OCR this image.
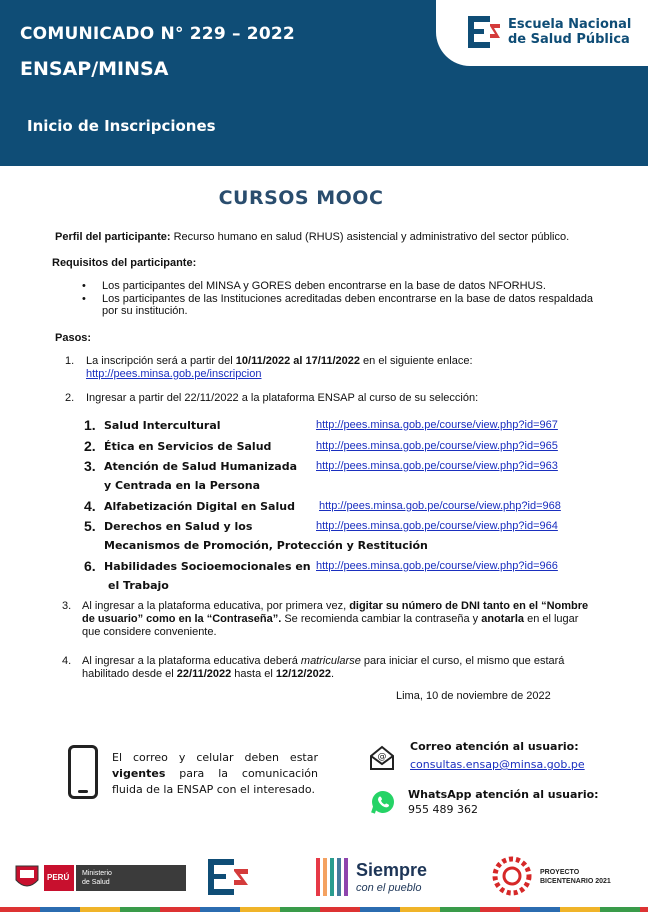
COMUNICADO N° 229 – 2022
ENSAP/MINSA
Inicio de Inscripciones
Escuela Nacional
de Salud Pública
CURSOS MOOC
Perfil del participante: Recurso humano en salud (RHUS) asistencial y administrativo del sector público.
Requisitos del participante:
• Los participantes del MINSA y GORES deben encontrarse en la base de datos NFORHUS.
• Los participantes de las Instituciones acreditadas deben encontrarse en la base de datos respaldada
por su institución.
Pasos:
1. La inscripción será a partir del 10/11/2022 al 17/11/2022 en el siguiente enlace:
http://pees.minsa.gob.pe/inscripcion
2. Ingresar a partir del 22/11/2022 a la plataforma ENSAP al curso de su selección:
1. Salud Intercultural	http://pees.minsa.gob.pe/course/view.php?id=967
2. Ética en Servicios de Salud	http://pees.minsa.gob.pe/course/view.php?id=965
3. Atención de Salud Humanizada http://pees.minsa.gob.pe/course/view.php?id=963
y Centrada en la Persona
4. Alfabetización Digital en Salud http://pees.minsa.gob.pe/course/view.php?id=968
5. Derechos en Salud y los	http://pees.minsa.gob.pe/course/view.php?id=964
Mecanismos de Promoción, Protección y Restitución
6. Habilidades Socioemocionales en http://pees.minsa.gob.pe/course/view.php?id=966
el Trabajo
3. Al ingresar a la plataforma educativa, por primera vez, digitar su número de DNI tanto en el “Nombre
de usuario” como en la “Contraseña”. Se recomienda cambiar la contraseña y anotarla en el lugar
que considere conveniente.
4. Al ingresar a la plataforma educativa deberá matricularse para iniciar el curso, el mismo que estará
habilitado desde el 22/11/2022 hasta el 12/12/2022.
Lima, 10 de noviembre de 2022
El correo y celular deben estar vigentes para la comunicación fluida de la ENSAP con el interesado.
@
Correo atención al usuario:
consultas.ensap@minsa.gob.pe
WhatsApp atención al usuario:
955 489 362
PERÚ	Ministerio
de Salud
Siempre
con el pueblo
PROYECTO
BICENTENARIO 2021
